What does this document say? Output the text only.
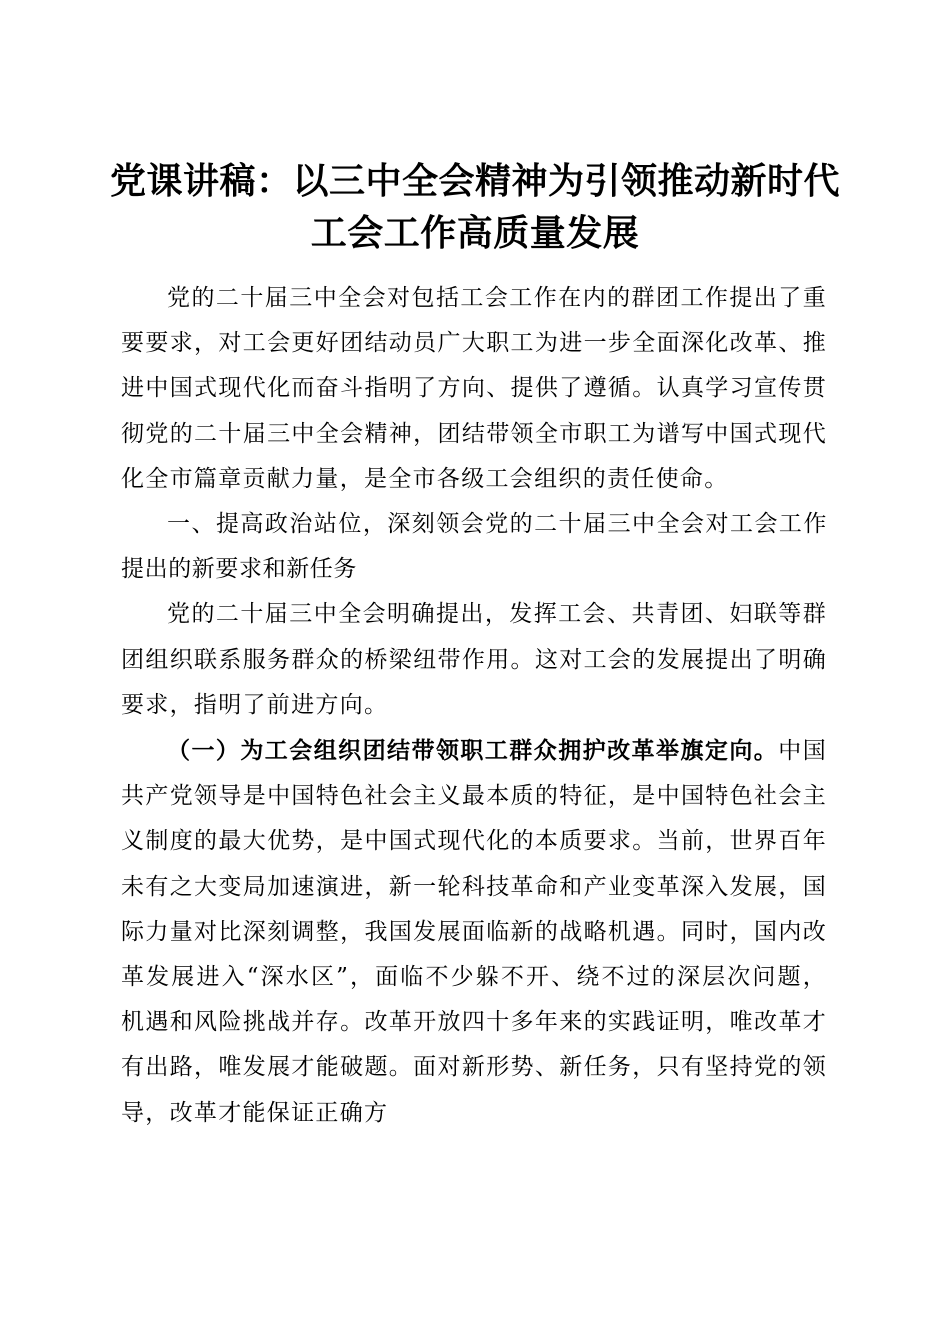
党课讲稿：以三中全会精神为引领推动新时代
工会工作高质量发展

党的二十届三中全会对包括工会工作在内的群团工作提出了重要要求，对工会更好团结动员广大职工为进一步全面深化改革、推进中国式现代化而奋斗指明了方向、提供了遵循。认真学习宣传贯彻党的二十届三中全会精神，团结带领全市职工为谱写中国式现代化全市篇章贡献力量，是全市各级工会组织的责任使命。

一、提高政治站位，深刻领会党的二十届三中全会对工会工作提出的新要求和新任务

党的二十届三中全会明确提出，发挥工会、共青团、妇联等群团组织联系服务群众的桥梁纽带作用。这对工会的发展提出了明确要求，指明了前进方向。

（一）为工会组织团结带领职工群众拥护改革举旗定向。中国共产党领导是中国特色社会主义最本质的特征，是中国特色社会主义制度的最大优势，是中国式现代化的本质要求。当前，世界百年未有之大变局加速演进，新一轮科技革命和产业变革深入发展，国际力量对比深刻调整，我国发展面临新的战略机遇。同时，国内改革发展进入“深水区”，面临不少躲不开、绕不过的深层次问题，机遇和风险挑战并存。改革开放四十多年来的实践证明，唯改革才有出路，唯发展才能破题。面对新形势、新任务，只有坚持党的领导，改革才能保证正确方
